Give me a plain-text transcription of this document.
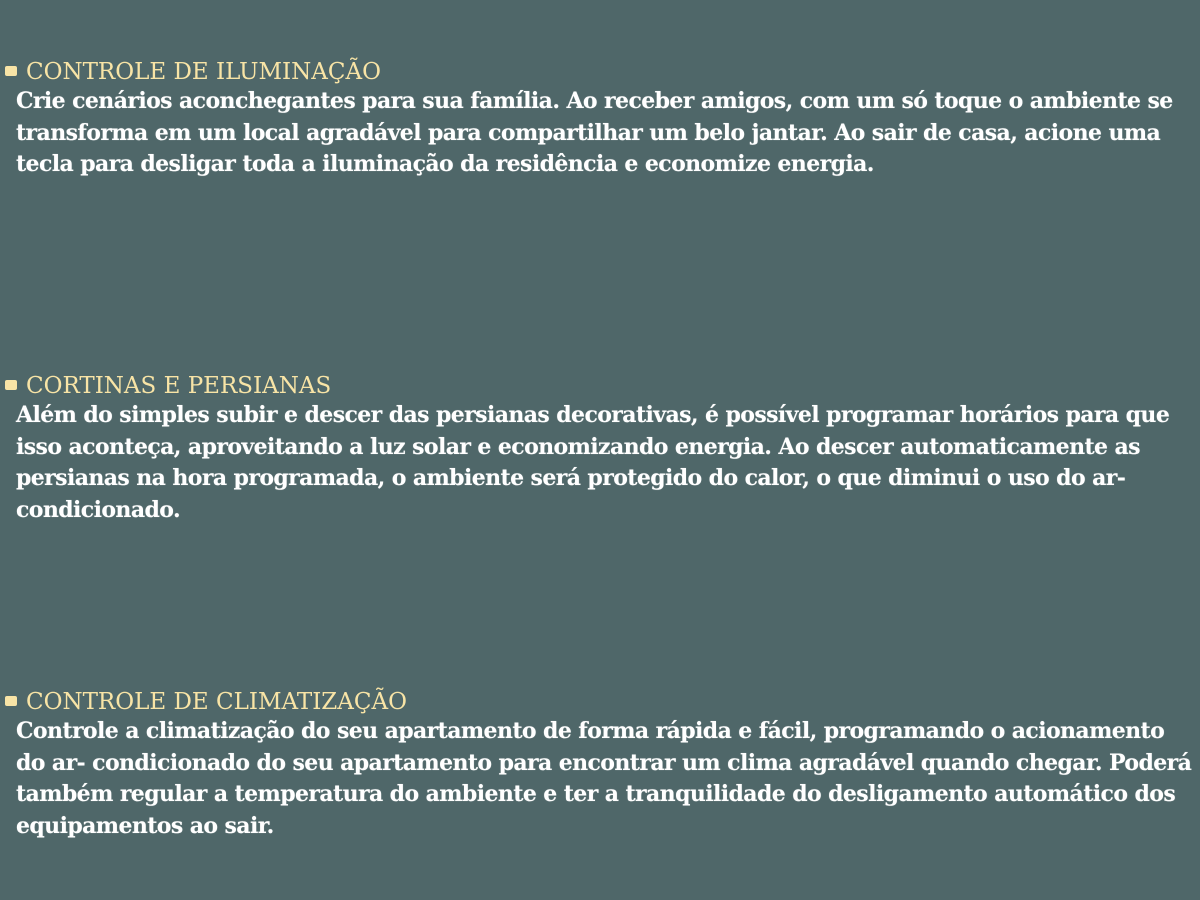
CONTROLE DE ILUMINAÇÃO

Crie cenários aconchegantes para sua família. Ao receber amigos, com um só toque o ambiente se transforma em um local agradável para compartilhar um belo jantar. Ao sair de casa, acione uma tecla para desligar toda a iluminação da residência e economize energia.

CORTINAS E PERSIANAS

Além do simples subir e descer das persianas decorativas, é possível programar horários para que isso aconteça, aproveitando a luz solar e economizando energia. Ao descer automaticamente as persianas na hora programada, o ambiente será protegido do calor, o que diminui o uso do ar-condicionado.

CONTROLE DE CLIMATIZAÇÃO

Controle a climatização do seu apartamento de forma rápida e fácil, programando o acionamento do ar- condicionado do seu apartamento para encontrar um clima agradável quando chegar. Poderá também regular a temperatura do ambiente e ter a tranquilidade do desligamento automático dos equipamentos ao sair.
